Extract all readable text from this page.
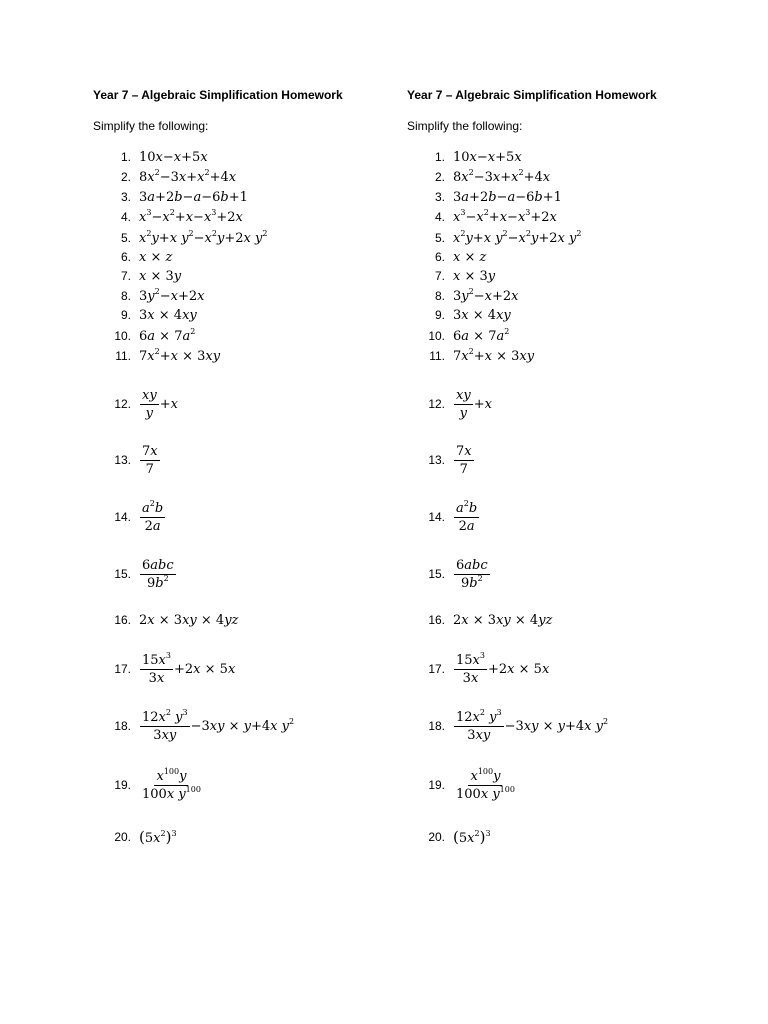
Year 7 – Algebraic Simplification Homework
Simplify the following:
1. 10x−x+5x
2. $8x^2-3x+x^2+4x$
3. 3a+2b−a−6b+1
4. $x^3-x^2+x-x^3+2x$
5. $x^2y+x$ $y^2-x^2y+2x$ $y^2$
6. x × z
7. x × 3y
8. $3y^2-x+2x$
9. 3x × 4xy
10. $6a \times 7a^2$
11. $7x^2+x \times 3xy$
12. $\frac{xy}{y} +x$
13. $\frac{7x}{7}$
14. $\frac{a^2b}{2a}$
15. $\frac{\text{6abc}}{9b^2}$
16. 2x × 3xy × 4yz
17. $\frac{15x^3}{3x} +2x \times 5x$
18. $\frac{12x^2 y^3}{3xy} -3xy \times y+4x$ $y^2$
19. $\frac{x^{100}y}{100x y^{100}}$
20. $(5x^2)^3$
Year 7 – Algebraic Simplification Homework
Simplify the following:
1. 10x−x+5x
2. $8x^2-3x+x^2+4x$
3. 3a+2b−a−6b+1
4. $x^3-x^2+x-x^3+2x$
5. $x^2y+x$ $y^2-x^2y+2x$ $y^2$
6. x × z
7. x × 3y
8. $3y^2-x+2x$
9. 3x × 4xy
10. $6a \times 7a^2$
11. $7x^2+x \times 3xy$
12. $\frac{xy}{y} +x$
13. $\frac{7x}{7}$
14. $\frac{a^2b}{2a}$
15. $\frac{\text{6abc}}{9b^2}$
16. 2x × 3xy × 4yz
17. $\frac{15x^3}{3x} +2x \times 5x$
18. $\frac{12x^2 y^3}{3xy} -3xy \times y+4x$ $y^2$
19. $\frac{x^{100}y}{100x y^{100}}$
20. $(5x^2)^3$
